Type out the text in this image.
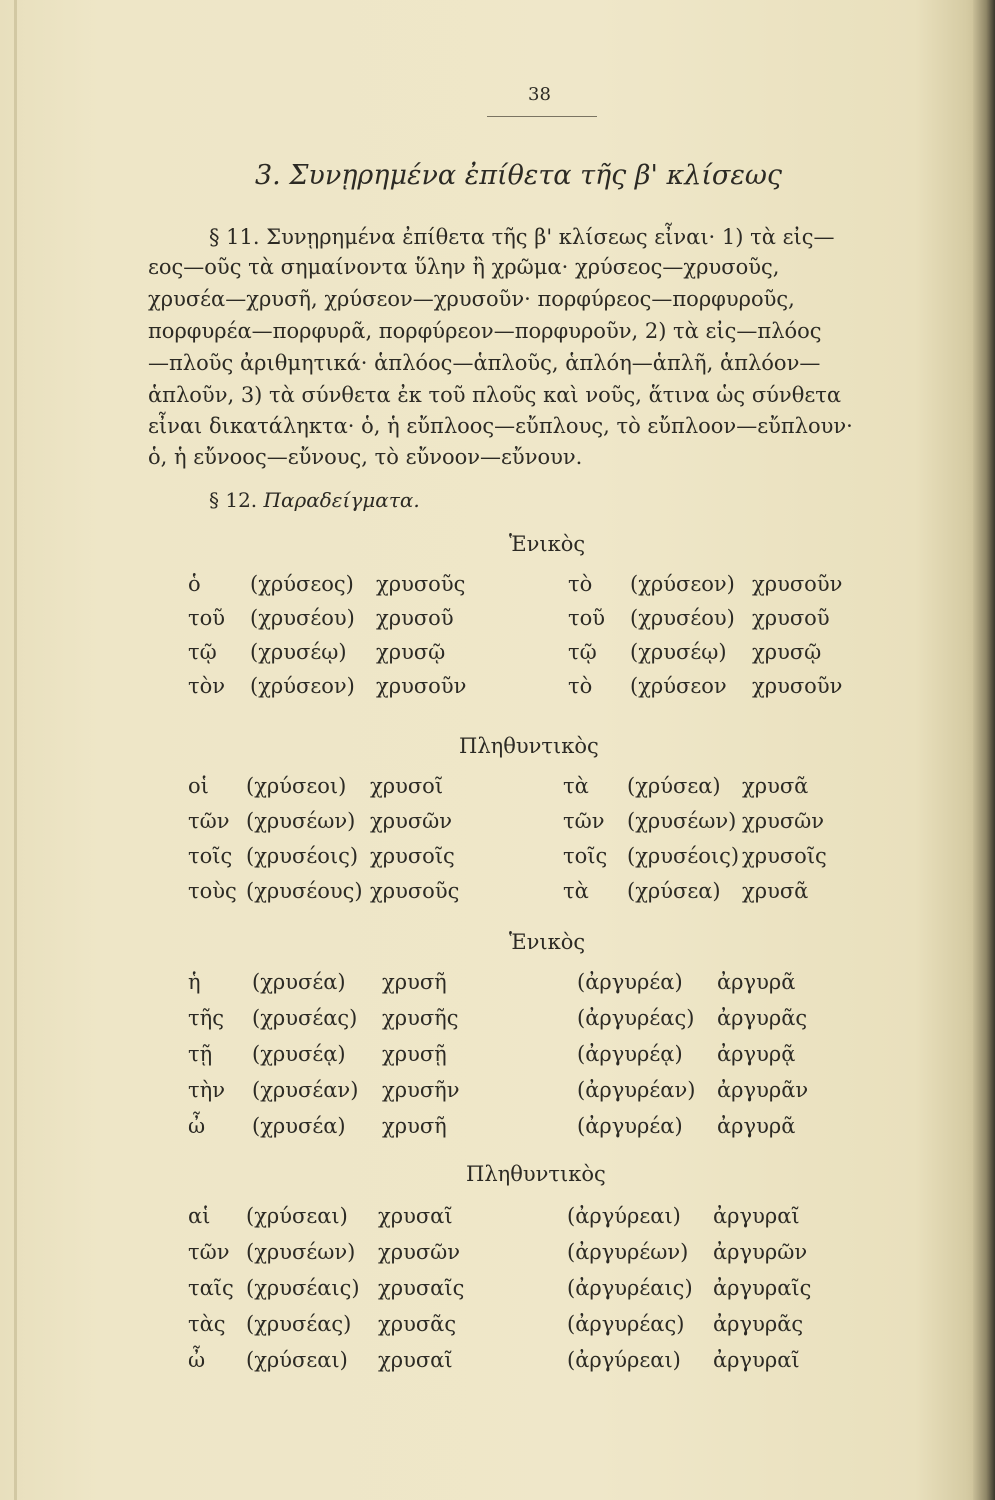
38
3. Συνῃρημένα ἐπίθετα τῆς β' κλίσεως
§ 11. Συνῃρημένα ἐπίθετα τῆς β' κλίσεως εἶναι· 1) τὰ εἰς—
εος—οῦς τὰ σημαίνοντα ὕλην ἢ χρῶμα· χρύσεος—χρυσοῦς,
χρυσέα—χρυσῆ, χρύσεον—χρυσοῦν· πορφύρεος—πορφυροῦς,
πορφυρέα—πορφυρᾶ, πορφύρεον—πορφυροῦν, 2) τὰ εἰς—πλόος
—πλοῦς ἀριθμητικά· ἁπλόος—ἁπλοῦς, ἁπλόη—ἁπλῆ, ἁπλόον—
ἁπλοῦν, 3) τὰ σύνθετα ἐκ τοῦ πλοῦς καὶ νοῦς, ἅτινα ὡς σύνθετα
εἶναι δικατάληκτα· ὁ, ἡ εὔπλοος—εὔπλους, τὸ εὔπλοον—εὔπλουν·
ὁ, ἡ εὔνοος—εὔνους, τὸ εὔνοον—εὔνουν.
§ 12. Παραδείγματα.
Ἑνικὸς
Πληθυντικὸς
Ἑνικὸς
Πληθυντικὸς
ὁ (χρύσεος) χρυσοῦς
τοῦ (χρυσέου) χρυσοῦ
τῷ (χρυσέῳ) χρυσῷ
τὸν (χρύσεον) χρυσοῦν
τὸ (χρύσεον) χρυσοῦν
τοῦ (χρυσέου) χρυσοῦ
τῷ (χρυσέῳ) χρυσῷ
τὸ (χρύσεον χρυσοῦν
οἱ (χρύσεοι) χρυσοῖ
τῶν (χρυσέων) χρυσῶν
τοῖς (χρυσέοις) χρυσοῖς
τοὺς (χρυσέους) χρυσοῦς
τὰ (χρύσεα) χρυσᾶ
τῶν (χρυσέων) χρυσῶν
τοῖς (χρυσέοις) χρυσοῖς
τὰ (χρύσεα) χρυσᾶ
ἡ (χρυσέα) χρυσῆ
τῆς (χρυσέας) χρυσῆς
τῇ (χρυσέᾳ) χρυσῇ
τὴν (χρυσέαν) χρυσῆν
ὦ (χρυσέα) χρυσῆ
(ἀργυρέα) ἀργυρᾶ
(ἀργυρέας) ἀργυρᾶς
(ἀργυρέᾳ) ἀργυρᾷ
(ἀργυρέαν) ἀργυρᾶν
(ἀργυρέα) ἀργυρᾶ
αἱ (χρύσεαι) χρυσαῖ
τῶν (χρυσέων) χρυσῶν
ταῖς (χρυσέαις) χρυσαῖς
τὰς (χρυσέας) χρυσᾶς
ὦ (χρύσεαι) χρυσαῖ
(ἀργύρεαι) ἀργυραῖ
(ἀργυρέων) ἀργυρῶν
(ἀργυρέαις) ἀργυραῖς
(ἀργυρέας) ἀργυρᾶς
(ἀργύρεαι) ἀργυραῖ
